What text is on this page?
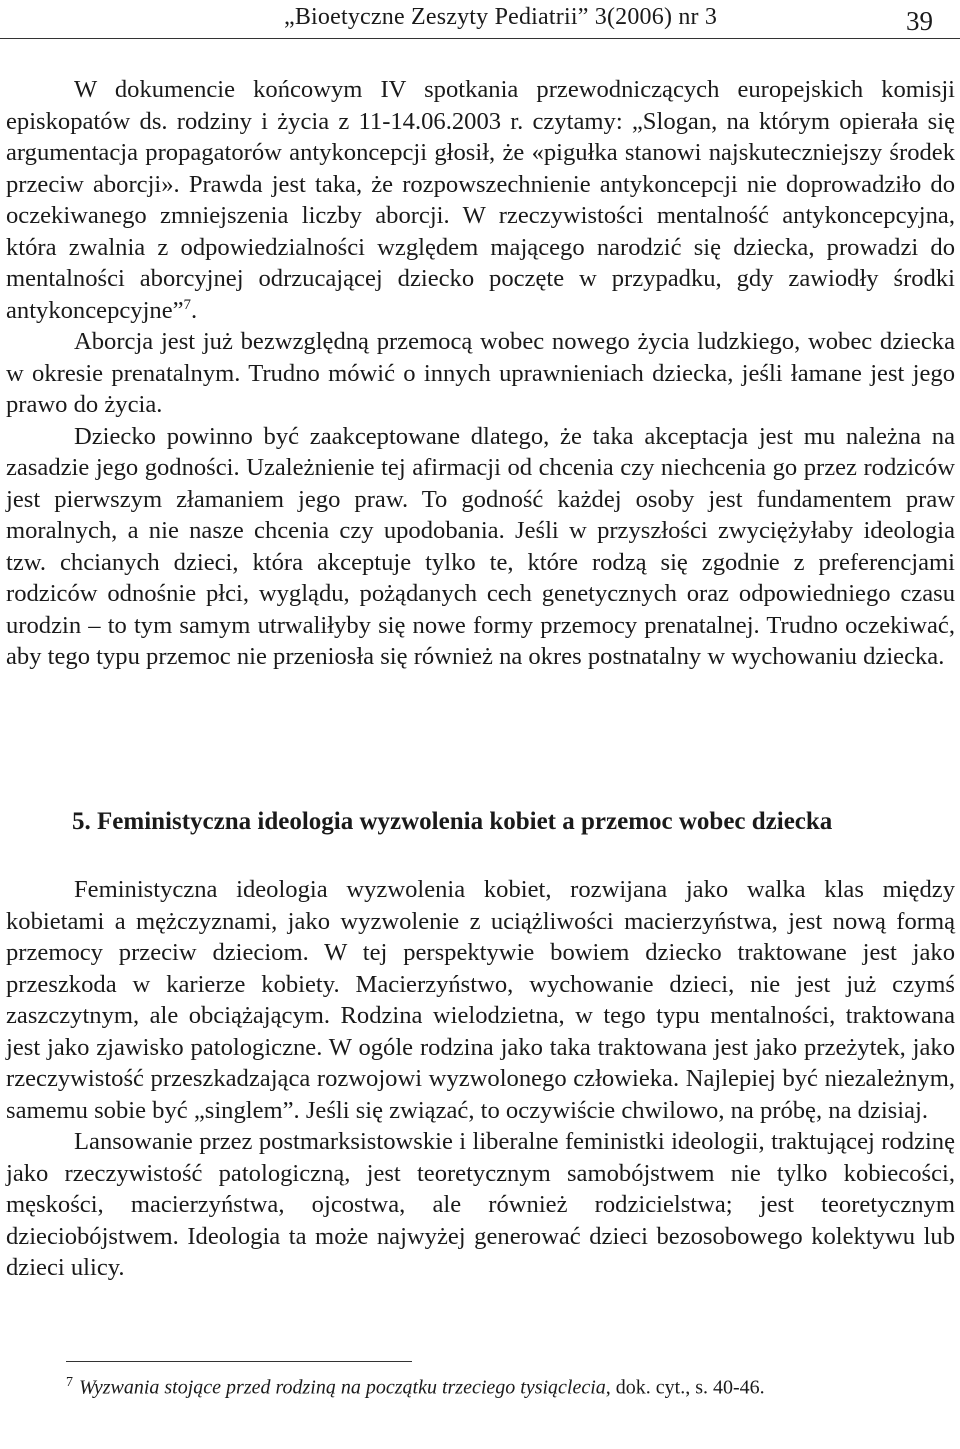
„Bioetyczne Zeszyty Pediatrii” 3(2006) nr 3	39

W dokumencie końcowym IV spotkania przewodniczących europejskich komisji episkopatów ds. rodziny i życia z 11-14.06.2003 r. czytamy: „Slogan, na którym opierała się argumentacja propagatorów antykoncepcji głosił, że «pigułka stanowi najskuteczniejszy środek przeciw aborcji». Prawda jest taka, że rozpowszechnienie antykoncepcji nie doprowadziło do oczekiwanego zmniejszenia liczby aborcji. W rzeczywistości mentalność antykoncepcyjna, która zwalnia z odpowiedzialności względem mającego narodzić się dziecka, prowadzi do mentalności aborcyjnej odrzucającej dziecko poczęte w przypadku, gdy zawiodły środki antykoncepcyjne”$^7$.

Aborcja jest już bezwzględną przemocą wobec nowego życia ludzkiego, wobec dziecka w okresie prenatalnym. Trudno mówić o innych uprawnieniach dziecka, jeśli łamane jest jego prawo do życia.

Dziecko powinno być zaakceptowane dlatego, że taka akceptacja jest mu należna na zasadzie jego godności. Uzależnienie tej afirmacji od chcenia czy niechcenia go przez rodziców jest pierwszym złamaniem jego praw. To godność każdej osoby jest fundamentem praw moralnych, a nie nasze chcenia czy upodobania. Jeśli w przyszłości zwyciężyłaby ideologia tzw. chcianych dzieci, która akceptuje tylko te, które rodzą się zgodnie z preferencjami rodziców odnośnie płci, wyglądu, pożądanych cech genetycznych oraz odpowiedniego czasu urodzin – to tym samym utrwaliłyby się nowe formy przemocy prenatalnej. Trudno oczekiwać, aby tego typu przemoc nie przeniosła się również na okres postnatalny w wychowaniu dziecka.

5. Feministyczna ideologia wyzwolenia kobiet a przemoc wobec dziecka

Feministyczna ideologia wyzwolenia kobiet, rozwijana jako walka klas między kobietami a mężczyznami, jako wyzwolenie z uciążliwości macierzyństwa, jest nową formą przemocy przeciw dzieciom. W tej perspektywie bowiem dziecko traktowane jest jako przeszkoda w karierze kobiety. Macierzyństwo, wychowanie dzieci, nie jest już czymś zaszczytnym, ale obciążającym. Rodzina wielodzietna, w tego typu mentalności, traktowana jest jako zjawisko patologiczne. W ogóle rodzina jako taka traktowana jest jako przeżytek, jako rzeczywistość przeszkadzająca rozwojowi wyzwolonego człowieka. Najlepiej być niezależnym, samemu sobie być „singlem”. Jeśli się związać, to oczywiście chwilowo, na próbę, na dzisiaj.

Lansowanie przez postmarksistowskie i liberalne feministki ideologii, traktującej rodzinę jako rzeczywistość patologiczną, jest teoretycznym samobójstwem nie tylko kobiecości, męskości, macierzyństwa, ojcostwa, ale również rodzicielstwa; jest teoretycznym dzieciobójstwem. Ideologia ta może najwyżej generować dzieci bezosobowego kolektywu lub dzieci ulicy.

$^7$ Wyzwania stojące przed rodziną na początku trzeciego tysiąclecia, dok. cyt., s. 40-46.
